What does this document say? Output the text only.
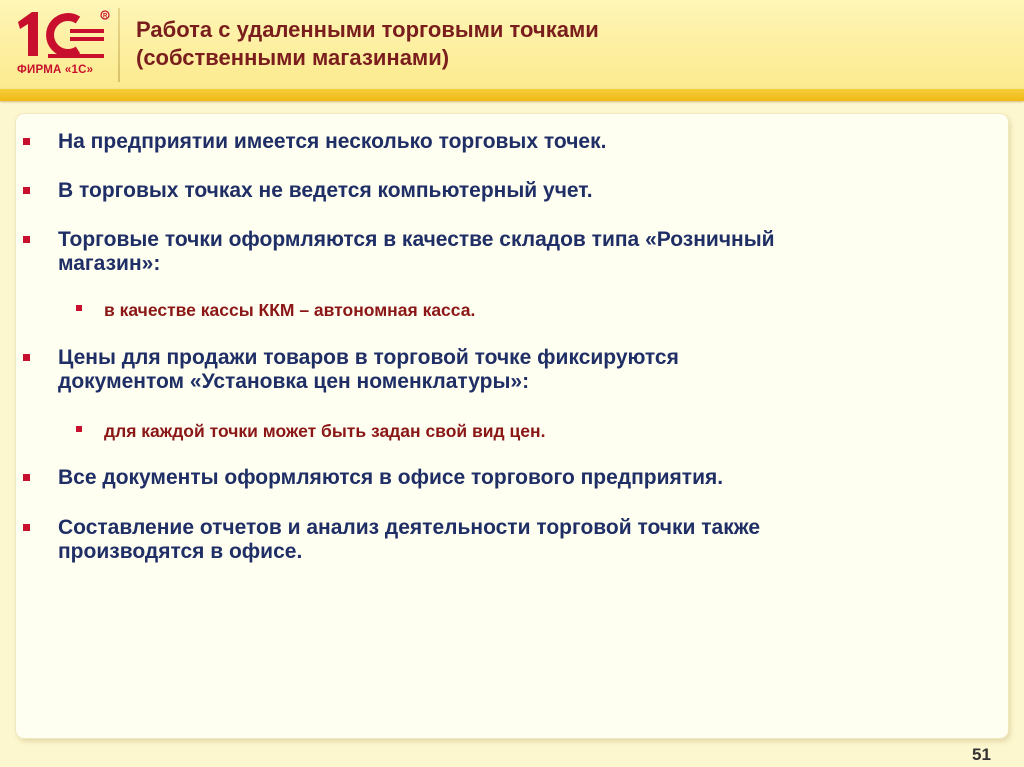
R
ФИРМА «1С»
Работа с удаленными торговыми точками
(собственными магазинами)
На предприятии имеется несколько торговых точек.
В торговых точках не ведется компьютерный учет.
Торговые точки оформляются в качестве складов типа «Розничный
магазин»:
в качестве кассы ККМ – автономная касса.
Цены для продажи товаров в торговой точке фиксируются
документом «Установка цен номенклатуры»:
для каждой точки может быть задан свой вид цен.
Все документы оформляются в офисе торгового предприятия.
Составление отчетов и анализ деятельности торговой точки также
производятся в офисе.
51
